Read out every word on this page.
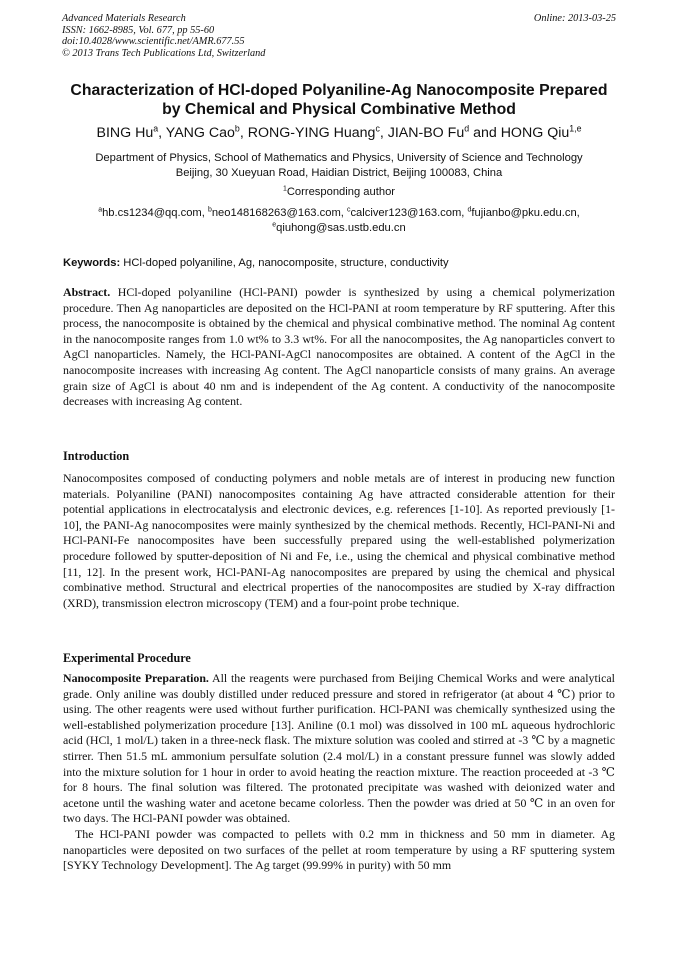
Advanced Materials Research
ISSN: 1662-8985, Vol. 677, pp 55-60
doi:10.4028/www.scientific.net/AMR.677.55
© 2013 Trans Tech Publications Ltd, Switzerland
Online: 2013-03-25
Characterization of HCl-doped Polyaniline-Ag Nanocomposite Prepared
by Chemical and Physical Combinative Method
BING Hu$^a$, YANG Cao$^b$, RONG-YING Huang$^c$, JIAN-BO Fu$^d$ and HONG Qiu$^{1,e}$
Department of Physics, School of Mathematics and Physics, University of Science and Technology
Beijing, 30 Xueyuan Road, Haidian District, Beijing 100083, China
$^1$Corresponding author
$^a$hb.cs1234@qq.com, $^b$neo148168263@163.com, $^c$calciver123@163.com, $^d$fujianbo@pku.edu.cn,
$^e$qiuhong@sas.ustb.edu.cn
Keywords: HCl-doped polyaniline, Ag, nanocomposite, structure, conductivity
Abstract. HCl-doped polyaniline (HCl-PANI) powder is synthesized by using a chemical polymerization procedure. Then Ag nanoparticles are deposited on the HCl-PANI at room temperature by RF sputtering. After this process, the nanocomposite is obtained by the chemical and physical combinative method. The nominal Ag content in the nanocomposite ranges from 1.0 wt% to 3.3 wt%. For all the nanocomposites, the Ag nanoparticles convert to AgCl nanoparticles. Namely, the HCl-PANI-AgCl nanocomposites are obtained. A content of the AgCl in the nanocomposite increases with increasing Ag content. The AgCl nanoparticle consists of many grains. An average grain size of AgCl is about 40 nm and is independent of the Ag content. A conductivity of the nanocomposite decreases with increasing Ag content.
Introduction
Nanocomposites composed of conducting polymers and noble metals are of interest in producing new function materials. Polyaniline (PANI) nanocomposites containing Ag have attracted considerable attention for their potential applications in electrocatalysis and electronic devices, e.g. references [1-10]. As reported previously [1-10], the PANI-Ag nanocomposites were mainly synthesized by the chemical methods. Recently, HCl-PANI-Ni and HCl-PANI-Fe nanocomposites have been successfully prepared using the well-established polymerization procedure followed by sputter-deposition of Ni and Fe, i.e., using the chemical and physical combinative method [11, 12]. In the present work, HCl-PANI-Ag nanocomposites are prepared by using the chemical and physical combinative method. Structural and electrical properties of the nanocomposites are studied by X-ray diffraction (XRD), transmission electron microscopy (TEM) and a four-point probe technique.
Experimental Procedure
Nanocomposite Preparation. All the reagents were purchased from Beijing Chemical Works and were analytical grade. Only aniline was doubly distilled under reduced pressure and stored in refrigerator (at about 4 ℃) prior to using. The other reagents were used without further purification. HCl-PANI was chemically synthesized using the well-established polymerization procedure [13]. Aniline (0.1 mol) was dissolved in 100 mL aqueous hydrochloric acid (HCl, 1 mol/L) taken in a three-neck flask. The mixture solution was cooled and stirred at -3 ℃ by a magnetic stirrer. Then 51.5 mL ammonium persulfate solution (2.4 mol/L) in a constant pressure funnel was slowly added into the mixture solution for 1 hour in order to avoid heating the reaction mixture. The reaction proceeded at -3 ℃ for 8 hours. The final solution was filtered. The protonated precipitate was washed with deionized water and acetone until the washing water and acetone became colorless. Then the powder was dried at 50 ℃ in an oven for two days. The HCl-PANI powder was obtained.
The HCl-PANI powder was compacted to pellets with 0.2 mm in thickness and 50 mm in diameter. Ag nanoparticles were deposited on two surfaces of the pellet at room temperature by using a RF sputtering system [SYKY Technology Development]. The Ag target (99.99% in purity) with 50 mm
